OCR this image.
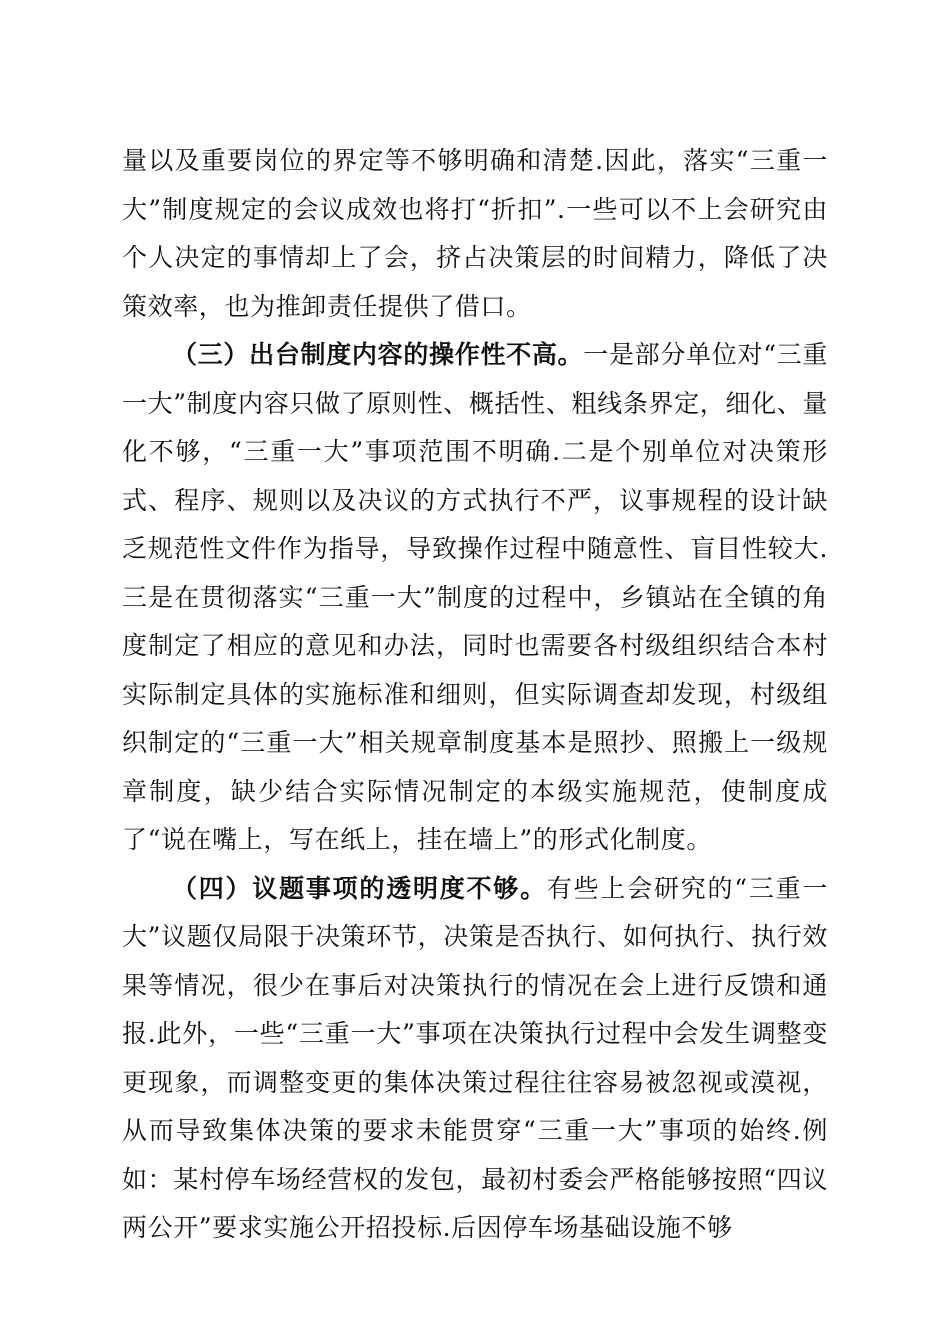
量以及重要岗位的界定等不够明确和清楚.因此，落实“三重一大”制度规定的会议成效也将打“折扣”.一些可以不上会研究由个人决定的事情却上了会，挤占决策层的时间精力，降低了决策效率，也为推卸责任提供了借口。

（三）出台制度内容的操作性不高。一是部分单位对“三重一大”制度内容只做了原则性、概括性、粗线条界定，细化、量化不够，“三重一大”事项范围不明确.二是个别单位对决策形式、程序、规则以及决议的方式执行不严，议事规程的设计缺乏规范性文件作为指导，导致操作过程中随意性、盲目性较大.三是在贯彻落实“三重一大”制度的过程中，乡镇站在全镇的角度制定了相应的意见和办法，同时也需要各村级组织结合本村实际制定具体的实施标准和细则，但实际调查却发现，村级组织制定的“三重一大”相关规章制度基本是照抄、照搬上一级规章制度，缺少结合实际情况制定的本级实施规范，使制度成了“说在嘴上，写在纸上，挂在墙上”的形式化制度。

（四）议题事项的透明度不够。有些上会研究的“三重一大”议题仅局限于决策环节，决策是否执行、如何执行、执行效果等情况，很少在事后对决策执行的情况在会上进行反馈和通报.此外，一些“三重一大”事项在决策执行过程中会发生调整变更现象，而调整变更的集体决策过程往往容易被忽视或漠视，从而导致集体决策的要求未能贯穿“三重一大”事项的始终.例如：某村停车场经营权的发包，最初村委会严格能够按照“四议两公开”要求实施公开招投标.后因停车场基础设施不够
